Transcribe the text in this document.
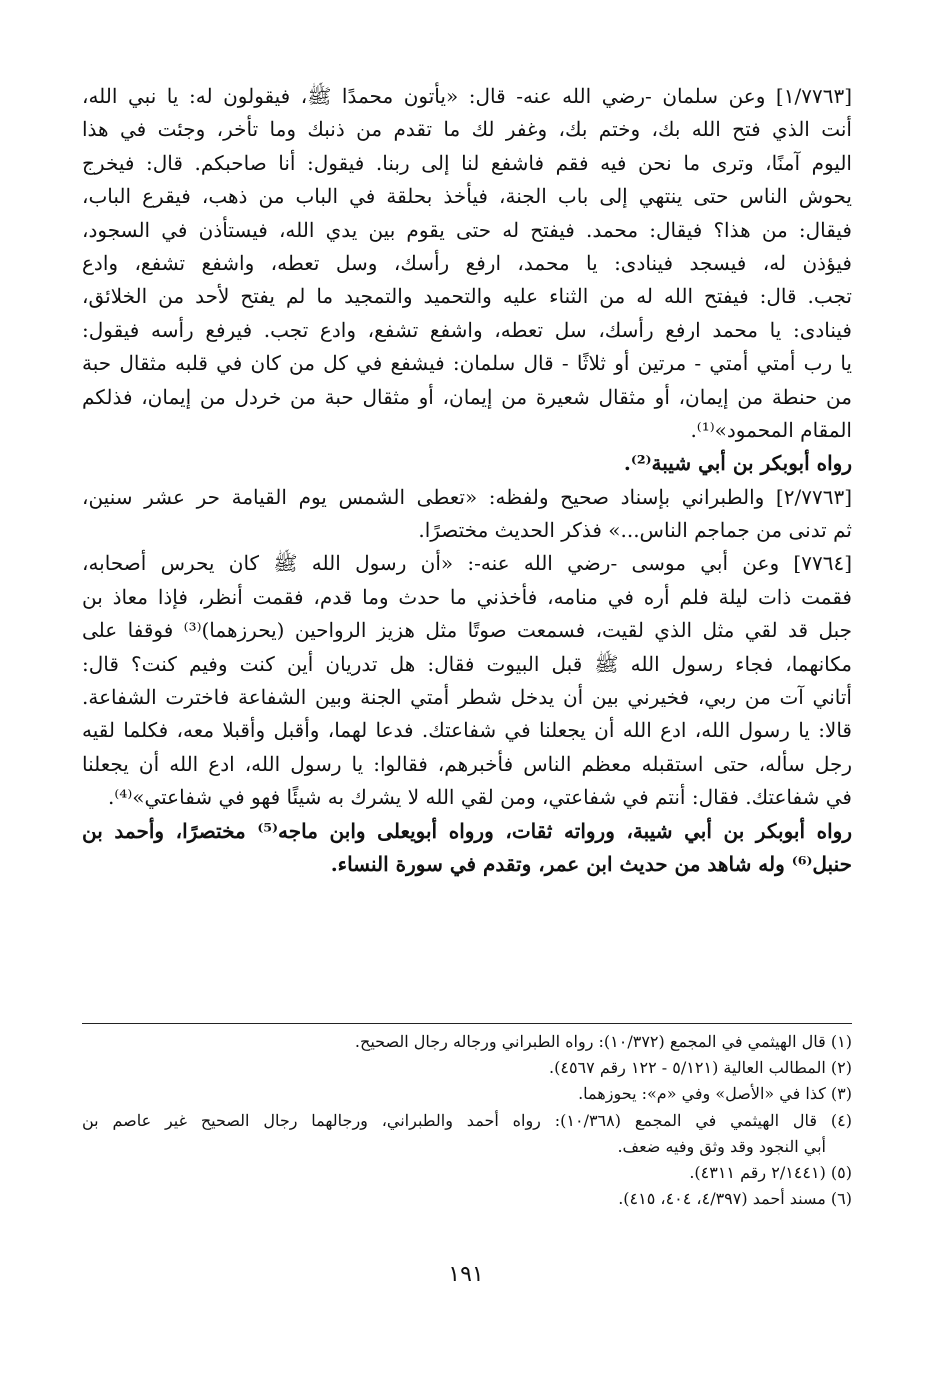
[١/٧٧٦٣] وعن سلمان -رضي الله عنه- قال: «يأتون محمدًا ﷺ، فيقولون له: يا نبي الله،
أنت الذي فتح الله بك، وختم بك، وغفر لك ما تقدم من ذنبك وما تأخر، وجئت في هذا
اليوم آمنًا، وترى ما نحن فيه فقم فاشفع لنا إلى ربنا. فيقول: أنا صاحبكم. قال: فيخرج
يحوش الناس حتى ينتهي إلى باب الجنة، فيأخذ بحلقة في الباب من ذهب، فيقرع الباب،
فيقال: من هذا؟ فيقال: محمد. فيفتح له حتى يقوم بين يدي الله، فيستأذن في السجود،
فيؤذن له، فيسجد فينادى: يا محمد، ارفع رأسك، وسل تعطه، واشفع تشفع، وادع
تجب. قال: فيفتح الله له من الثناء عليه والتحميد والتمجيد ما لم يفتح لأحد من الخلائق،
فينادى: يا محمد ارفع رأسك، سل تعطه، واشفع تشفع، وادع تجب. فيرفع رأسه فيقول:
يا رب أمتي أمتي - مرتين أو ثلاثًا - قال سلمان: فيشفع في كل من كان في قلبه مثقال حبة
من حنطة من إيمان، أو مثقال شعيرة من إيمان، أو مثقال حبة من خردل من إيمان، فذلكم
المقام المحمود»⁽¹⁾.
رواه أبوبكر بن أبي شيبة⁽²⁾.
[٢/٧٧٦٣] والطبراني بإسناد صحيح ولفظه: «تعطى الشمس يوم القيامة حر عشر سنين،
ثم تدنى من جماجم الناس...» فذكر الحديث مختصرًا.
[٧٧٦٤] وعن أبي موسى -رضي الله عنه-: «أن رسول الله ﷺ كان يحرس أصحابه،
فقمت ذات ليلة فلم أره في منامه، فأخذني ما حدث وما قدم، فقمت أنظر، فإذا معاذ بن
جبل قد لقي مثل الذي لقيت، فسمعت صوتًا مثل هزيز الرواحين (يحرزهما)⁽³⁾ فوقفا على
مكانهما، فجاء رسول الله ﷺ قبل البيوت فقال: هل تدريان أين كنت وفيم كنت؟ قال:
أتاني آت من ربي، فخيرني بين أن يدخل شطر أمتي الجنة وبين الشفاعة فاخترت الشفاعة.
قالا: يا رسول الله، ادع الله أن يجعلنا في شفاعتك. فدعا لهما، وأقبل وأقبلا معه، فكلما لقيه
رجل سأله، حتى استقبله معظم الناس فأخبرهم، فقالوا: يا رسول الله، ادع الله أن يجعلنا
في شفاعتك. فقال: أنتم في شفاعتي، ومن لقي الله لا يشرك به شيئًا فهو في شفاعتي»⁽⁴⁾.
رواه أبوبكر بن أبي شيبة، ورواته ثقات، ورواه أبويعلى وابن ماجه⁽⁵⁾ مختصرًا، وأحمد بن
حنبل⁽⁶⁾ وله شاهد من حديث ابن عمر، وتقدم في سورة النساء.
(١) قال الهيثمي في المجمع (١٠/٣٧٢): رواه الطبراني ورجاله رجال الصحيح.
(٢) المطالب العالية (٥/١٢١ - ١٢٢ رقم ٤٥٦٧).
(٣) كذا في «الأصل» وفي «م»: يحوزهما.
(٤) قال الهيثمي في المجمع (١٠/٣٦٨): رواه أحمد والطبراني، ورجالهما رجال الصحيح غير عاصم بن
أبي النجود وقد وثق وفيه ضعف.
(٥) (٢/١٤٤١ رقم ٤٣١١).
(٦) مسند أحمد (٤/٣٩٧، ٤٠٤، ٤١٥).
١٩١
